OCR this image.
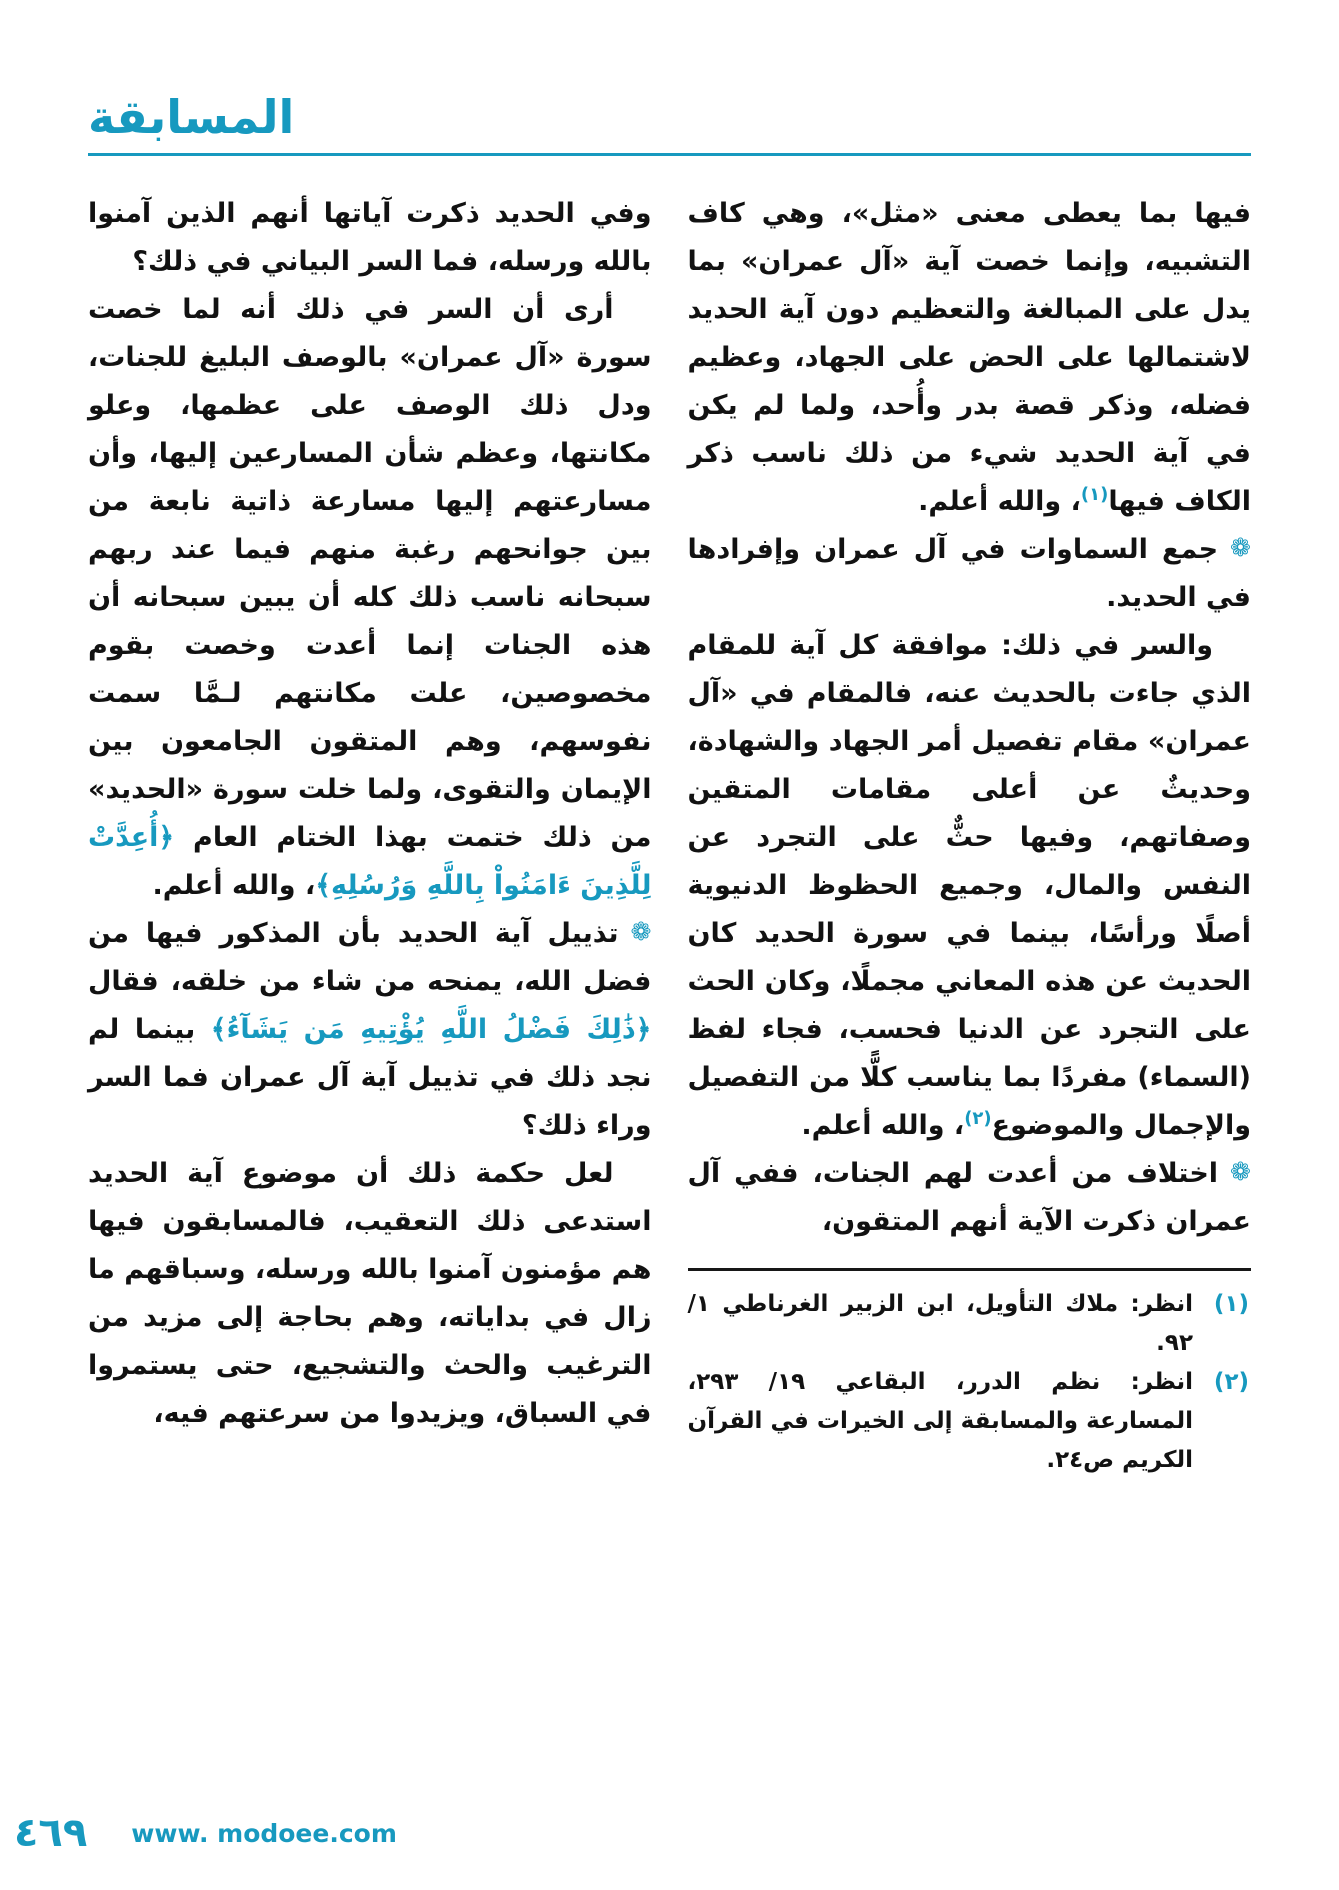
المسابقة

فيها بما يعطى معنى «مثل»، وهي كاف التشبيه، وإنما خصت آية «آل عمران» بما يدل على المبالغة والتعظيم دون آية الحديد لاشتمالها على الحض على الجهاد، وعظيم فضله، وذكر قصة بدر وأُحد، ولما لم يكن في آية الحديد شيء من ذلك ناسب ذكر الكاف فيها$^{(١)}$، والله أعلم.

❁جمع السماوات في آل عمران وإفرادها في الحديد.

والسر في ذلك: موافقة كل آية للمقام الذي جاءت بالحديث عنه، فالمقام في «آل عمران» مقام تفصيل أمر الجهاد والشهادة، وحديثٌ عن أعلى مقامات المتقين وصفاتهم، وفيها حثٌّ على التجرد عن النفس والمال، وجميع الحظوظ الدنيوية أصلًا ورأسًا، بينما في سورة الحديد كان الحديث عن هذه المعاني مجملًا، وكان الحث على التجرد عن الدنيا فحسب، فجاء لفظ (السماء) مفردًا بما يناسب كلًّا من التفصيل والإجمال والموضوع$^{(٢)}$، والله أعلم.

❁اختلاف من أعدت لهم الجنات، ففي آل عمران ذكرت الآية أنهم المتقون،

(١)
انظر: ملاك التأويل، ابن الزبير الغرناطي ١/ ٩٢.

(٢)
انظر: نظم الدرر، البقاعي ١٩/ ٢٩٣، المسارعة والمسابقة إلى الخيرات في القرآن الكريم ص٢٤.

وفي الحديد ذكرت آياتها أنهم الذين آمنوا بالله ورسله، فما السر البياني في ذلك؟

أرى أن السر في ذلك أنه لما خصت سورة «آل عمران» بالوصف البليغ للجنات، ودل ذلك الوصف على عظمها، وعلو مكانتها، وعظم شأن المسارعين إليها، وأن مسارعتهم إليها مسارعة ذاتية نابعة من بين جوانحهم رغبة منهم فيما عند ربهم سبحانه ناسب ذلك كله أن يبين سبحانه أن هذه الجنات إنما أعدت وخصت بقوم مخصوصين، علت مكانتهم لـمَّا سمت نفوسهم، وهم المتقون الجامعون بين الإيمان والتقوى، ولما خلت سورة «الحديد» من ذلك ختمت بهذا الختام العام ﴿أُعِدَّتْ لِلَّذِينَ ءَامَنُواْ بِاللَّهِ وَرُسُلِهِ﴾، والله أعلم.

❁تذييل آية الحديد بأن المذكور فيها من فضل الله، يمنحه من شاء من خلقه، فقال ﴿ذَٰلِكَ فَضْلُ اللَّهِ يُؤْتِيهِ مَن يَشَآءُ﴾ بينما لم نجد ذلك في تذييل آية آل عمران فما السر وراء ذلك؟

لعل حكمة ذلك أن موضوع آية الحديد استدعى ذلك التعقيب، فالمسابقون فيها هم مؤمنون آمنوا بالله ورسله، وسباقهم ما زال في بداياته، وهم بحاجة إلى مزيد من الترغيب والحث والتشجيع، حتى يستمروا في السباق، ويزيدوا من سرعتهم فيه،

٤٦٩ www. modoee.com
